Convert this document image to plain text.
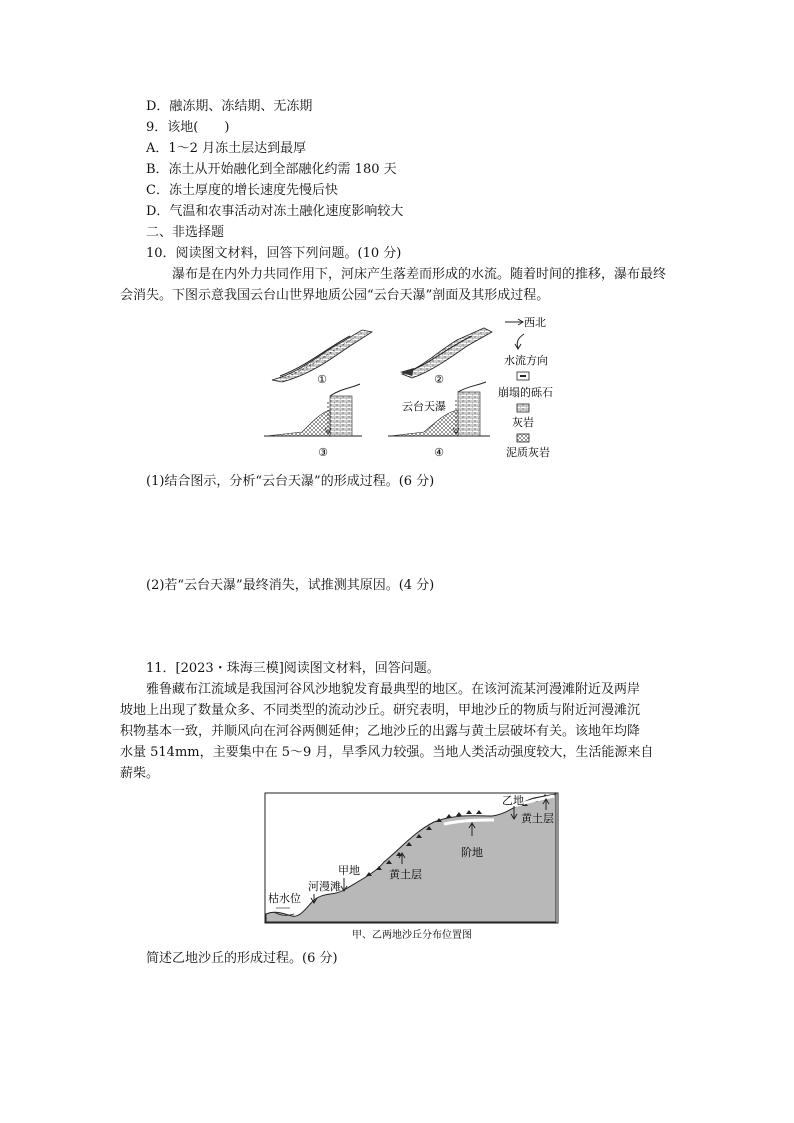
D．融冻期、冻结期、无冻期
9．该地(　　)
A．1～2 月冻土层达到最厚
B．冻土从开始融化到全部融化约需 180 天
C．冻土厚度的增长速度先慢后快
D．气温和农事活动对冻土融化速度影响较大
二、非选择题
10．阅读图文材料，回答下列问题。(10 分)
瀑布是在内外力共同作用下，河床产生落差而形成的水流。随着时间的推移，瀑布最终
会消失。下图示意我国云台山世界地质公园“云台天瀑”剖面及其形成过程。
①	②
③
云台天瀑
④
西北
水流方向
崩塌的砾石
灰岩
泥质灰岩
(1)结合图示，分析“云台天瀑”的形成过程。(6 分)
(2)若“云台天瀑”最终消失，试推测其原因。(4 分)
11．[2023・珠海三模]阅读图文材料，回答问题。
雅鲁藏布江流域是我国河谷风沙地貌发育最典型的地区。在该河流某河漫滩附近及两岸
坡地上出现了数量众多、不同类型的流动沙丘。研究表明，甲地沙丘的物质与附近河漫滩沉
积物基本一致，并顺风向在河谷两侧延伸；乙地沙丘的出露与黄土层破坏有关。该地年均降
水量 514mm，主要集中在 5～9 月，旱季风力较强。当地人类活动强度较大，生活能源来自
薪柴。
乙地
黄土层
阶地
黄土层
甲地
河漫滩
枯水位
甲、乙两地沙丘分布位置图
简述乙地沙丘的形成过程。(6 分)
